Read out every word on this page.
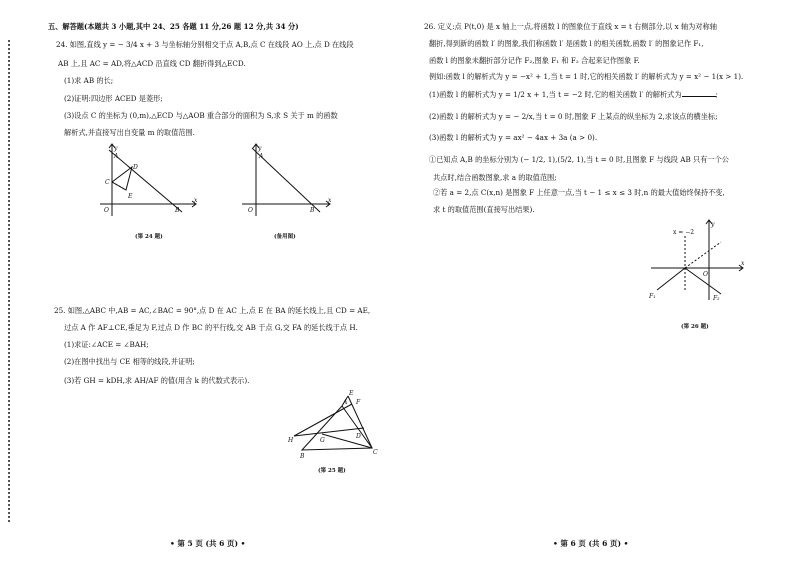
五、解答题(本题共 3 小题,其中 24、25 各题 11 分,26 题 12 分,共 34 分)
24. 如图,直线 y = − 3/4 x + 3 与坐标轴分别相交于点 A,B,点 C 在线段 AO 上,点 D 在线段
AB 上,且 AC = AD,将△ACD 沿直线 CD 翻折得到△ECD.
(1)求 AB 的长;
(2)证明:四边形 ACED 是菱形;
(3)设点 C 的坐标为 (0,m),△ECD 与△AOB 重合部分的面积为 S,求 S 关于 m 的函数
解析式,并直接写出自变量 m 的取值范围.
y
x
A
B
C
D
E
O
(第 24 题)
y
x
A
B
O
(备用图)
25. 如图,△ABC 中,AB = AC,∠BAC = 90°,点 D 在 AC 上,点 E 在 BA 的延长线上,且 CD = AE,
过点 A 作 AF⊥CE,垂足为 F,过点 D 作 BC 的平行线,交 AB 于点 G,交 FA 的延长线于点 H.
(1)求证:∠ACE = ∠BAH;
(2)在图中找出与 CE 相等的线段,并证明;
(3)若 GH = kDH,求 AH/AF 的值(用含 k 的代数式表示).
A
B
C
D
E
F
G
H
(第 25 题)
• 第 5 页 (共 6 页) •
26. 定义:点 P(t,0) 是 x 轴上一点,将函数 l 的图象位于直线 x = t 右侧部分,以 x 轴为对称轴
翻折,得到新的函数 l′ 的图象,我们称函数 l′ 是函数 l 的相关函数,函数 l′ 的图象记作 F₁,
函数 l 的图象未翻折部分记作 F₂,图象 F₁ 和 F₂ 合起来记作图象 F.
例如:函数 l 的解析式为 y = −x² + 1,当 t = 1 时,它的相关函数 l′ 的解析式为 y = x² − 1(x > 1).
(1)函数 l 的解析式为 y = 1/2 x + 1,当 t = −2 时,它的相关函数 l′ 的解析式为	;
(2)函数 l 的解析式为 y = − 2/x,当 t = 0 时,图象 F 上某点的纵坐标为 2,求该点的横坐标;
(3)函数 l 的解析式为 y = ax² − 4ax + 3a (a > 0).
①已知点 A,B 的坐标分别为 (− 1/2, 1),(5/2, 1),当 t = 0 时,且图象 F 与线段 AB 只有一个公
共点时,结合函数图象,求 a 的取值范围;
②若 a = 2,点 C(x,n) 是图象 F 上任意一点,当 t − 1 ≤ x ≤ 3 时,n 的最大值始终保持不变,
求 t 的取值范围(直接写出结果).
y
x
O
x = −2
F₁	F₂
(第 26 题)
• 第 6 页 (共 6 页) •
